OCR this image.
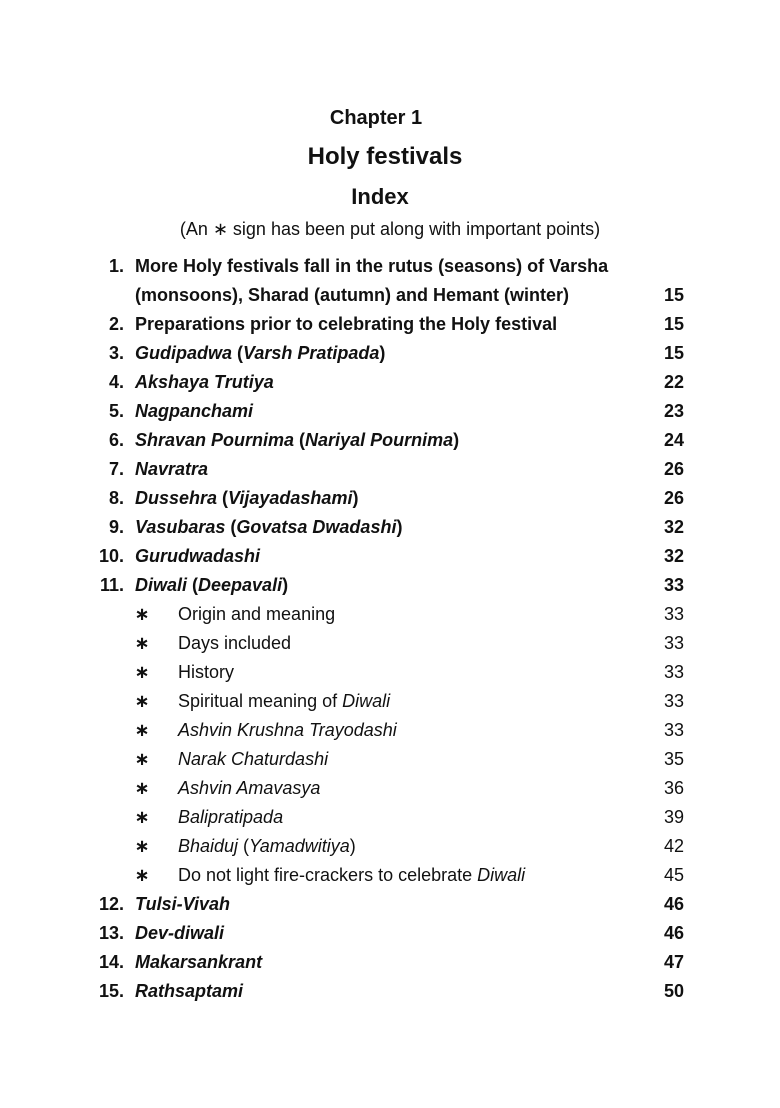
Chapter 1

Holy festivals

Index

(An ∗ sign has been put along with important points)

1. More Holy festivals fall in the rutus (seasons) of Varsha
(monsoons), Sharad (autumn) and Hemant (winter)	15
2. Preparations prior to celebrating the Holy festival	15
3. Gudipadwa (Varsh Pratipada)	15
4. Akshaya Trutiya	22
5. Nagpanchami	23
6. Shravan Pournima (Nariyal Pournima)	24
7. Navratra	26
8. Dussehra (Vijayadashami)	26
9. Vasubaras (Govatsa Dwadashi)	32
10. Gurudwadashi	32
11. Diwali (Deepavali)	33
∗ Origin and meaning	33
∗ Days included	33
∗ History	33
∗ Spiritual meaning of Diwali	33
∗ Ashvin Krushna Trayodashi	33
∗ Narak Chaturdashi	35
∗ Ashvin Amavasya	36
∗ Balipratipada	39
∗ Bhaiduj (Yamadwitiya)	42
∗ Do not light fire-crackers to celebrate Diwali	45
12. Tulsi-Vivah	46
13. Dev-diwali	46
14. Makarsankrant	47
15. Rathsaptami	50
